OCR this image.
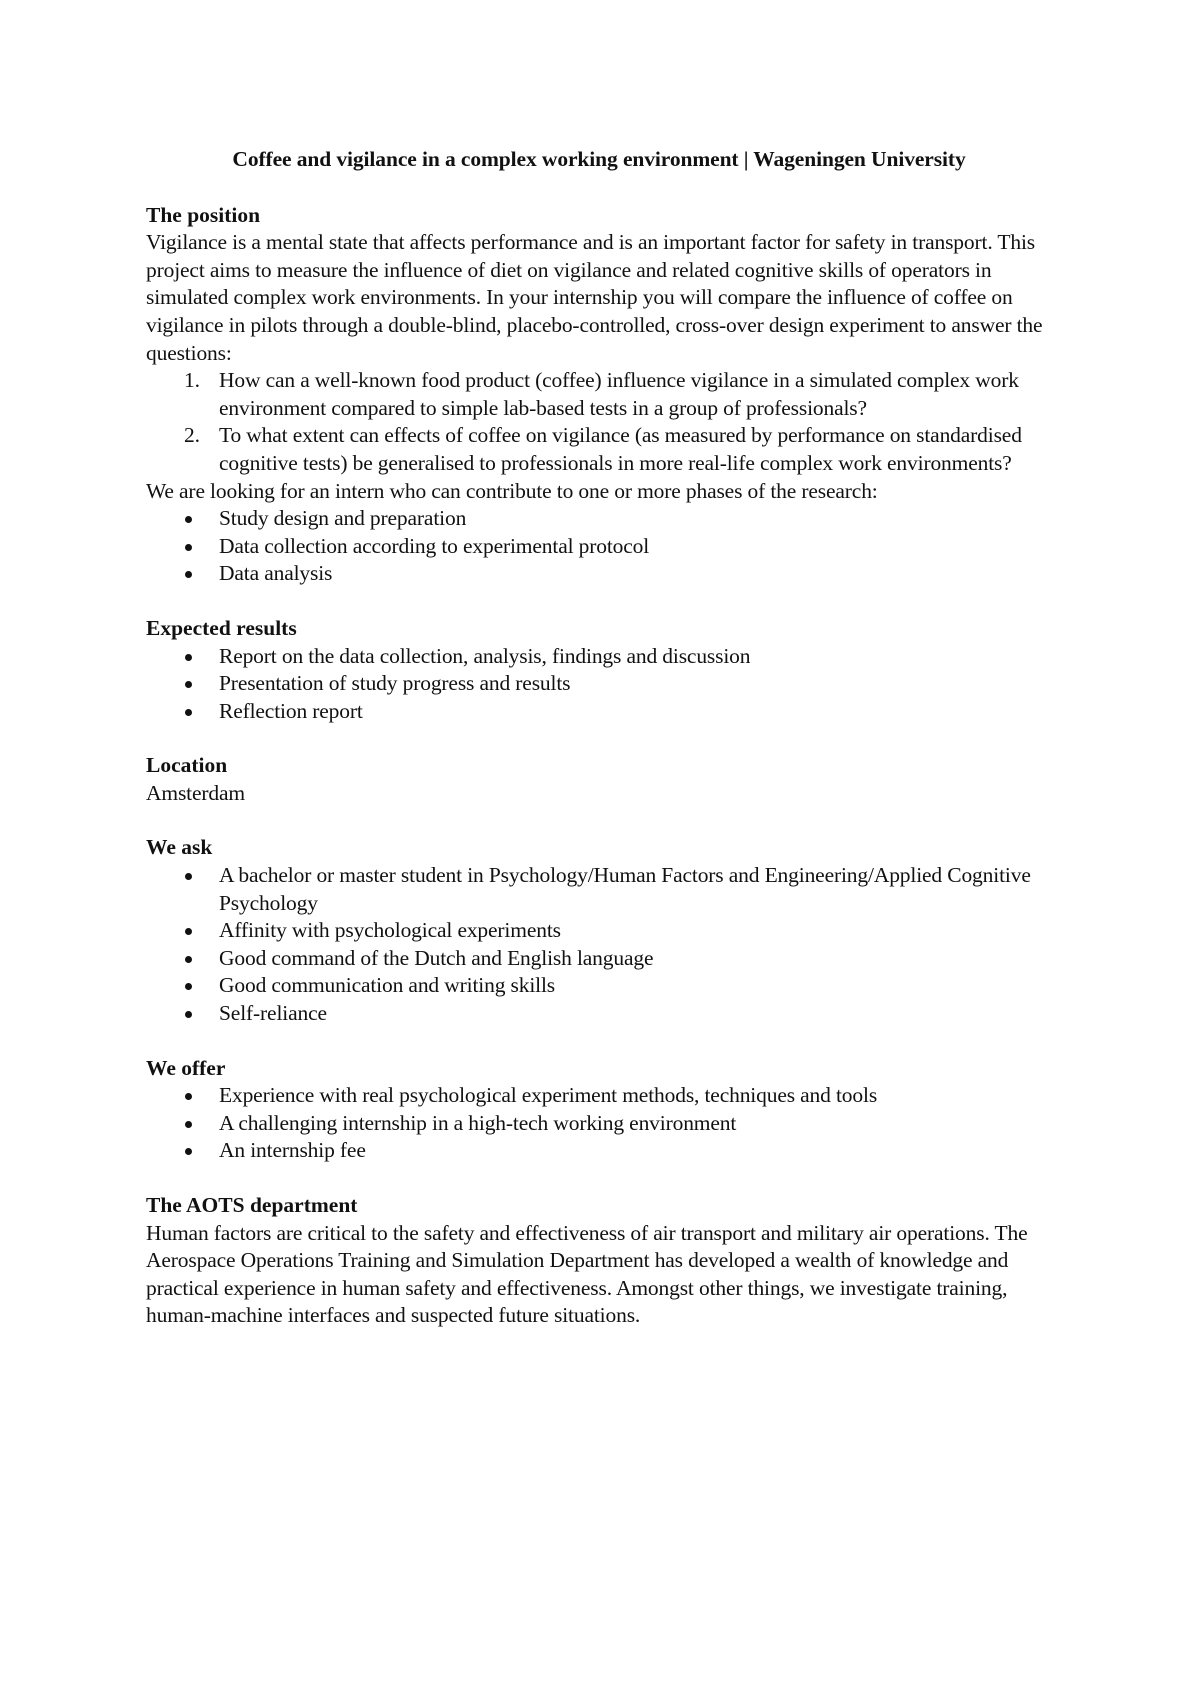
Coffee and vigilance in a complex working environment | Wageningen University
The position
Vigilance is a mental state that affects performance and is an important factor for safety in transport. This project aims to measure the influence of diet on vigilance and related cognitive skills of operators in simulated complex work environments. In your internship you will compare the influence of coffee on vigilance in pilots through a double-blind, placebo-controlled, cross-over design experiment to answer the questions:
1. How can a well-known food product (coffee) influence vigilance in a simulated complex work environment compared to simple lab-based tests in a group of professionals?
2. To what extent can effects of coffee on vigilance (as measured by performance on standardised cognitive tests) be generalised to professionals in more real-life complex work environments?
We are looking for an intern who can contribute to one or more phases of the research:
Study design and preparation
Data collection according to experimental protocol
Data analysis
Expected results
Report on the data collection, analysis, findings and discussion
Presentation of study progress and results
Reflection report
Location
Amsterdam
We ask
A bachelor or master student in Psychology/Human Factors and Engineering/Applied Cognitive Psychology
Affinity with psychological experiments
Good command of the Dutch and English language
Good communication and writing skills
Self-reliance
We offer
Experience with real psychological experiment methods, techniques and tools
A challenging internship in a high-tech working environment
An internship fee
The AOTS department
Human factors are critical to the safety and effectiveness of air transport and military air operations. The Aerospace Operations Training and Simulation Department has developed a wealth of knowledge and practical experience in human safety and effectiveness. Amongst other things, we investigate training, human-machine interfaces and suspected future situations.
